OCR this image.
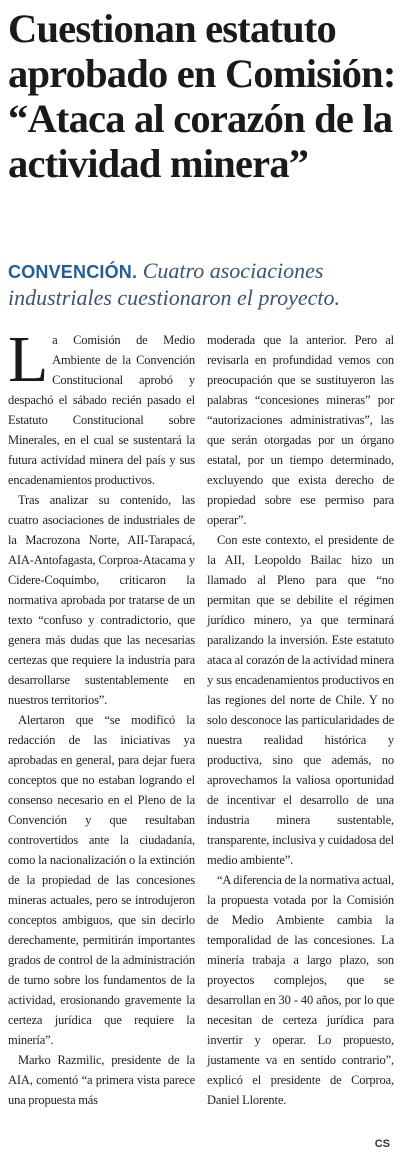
Cuestionan estatuto aprobado en Comisión: “Ataca al corazón de la actividad minera”

CONVENCIÓN. Cuatro asociaciones industriales cuestionaron el proyecto.

La Comisión de Medio Ambiente de la Convención Constitucional aprobó y despachó el sábado recién pasado el Estatuto Constitucional sobre Minerales, en el cual se sustentará la futura actividad minera del país y sus encadenamientos productivos.

Tras analizar su contenido, las cuatro asociaciones de industriales de la Macrozona Norte, AII-Tarapacá, AIA-Antofagasta, Corproa-Atacama y Cidere-Coquimbo, criticaron la normativa aprobada por tratarse de un texto “confuso y contradictorio, que genera más dudas que las necesarias certezas que requiere la industria para desarrollarse sustentablemente en nuestros territorios”.

Alertaron que “se modificó la redacción de las iniciativas ya aprobadas en general, para dejar fuera conceptos que no estaban logrando el consenso necesario en el Pleno de la Convención y que resultaban controvertidos ante la ciudadanía, como la nacionalización o la extinción de la propiedad de las concesiones mineras actuales, pero se introdujeron conceptos ambiguos, que sin decirlo derechamente, permitirán importantes grados de control de la administración de turno sobre los fundamentos de la actividad, erosionando gravemente la certeza jurídica que requiere la minería”.

Marko Razmilic, presidente de la AIA, comentó “a primera vista parece una propuesta más

moderada que la anterior. Pero al revisarla en profundidad vemos con preocupación que se sustituyeron las palabras “concesiones mineras” por “autorizaciones administrativas”, las que serán otorgadas por un órgano estatal, por un tiempo determinado, excluyendo que exista derecho de propiedad sobre ese permiso para operar”.

Con este contexto, el presidente de la AII, Leopoldo Bailac hizo un llamado al Pleno para que “no permitan que se debilite el régimen jurídico minero, ya que terminará paralizando la inversión. Este estatuto ataca al corazón de la actividad minera y sus encadenamientos productivos en las regiones del norte de Chile. Y no solo desconoce las particularidades de nuestra realidad histórica y productiva, sino que además, no aprovechamos la valiosa oportunidad de incentivar el desarrollo de una industria minera sustentable, transparente, inclusiva y cuidadosa del medio ambiente”.

“A diferencia de la normativa actual, la propuesta votada por la Comisión de Medio Ambiente cambia la temporalidad de las concesiones. La minería trabaja a largo plazo, son proyectos complejos, que se desarrollan en 30 - 40 años, por lo que necesitan de certeza jurídica para invertir y operar. Lo propuesto, justamente va en sentido contrario”, explicó el presidente de Corproa, Daniel Llorente.

CS
